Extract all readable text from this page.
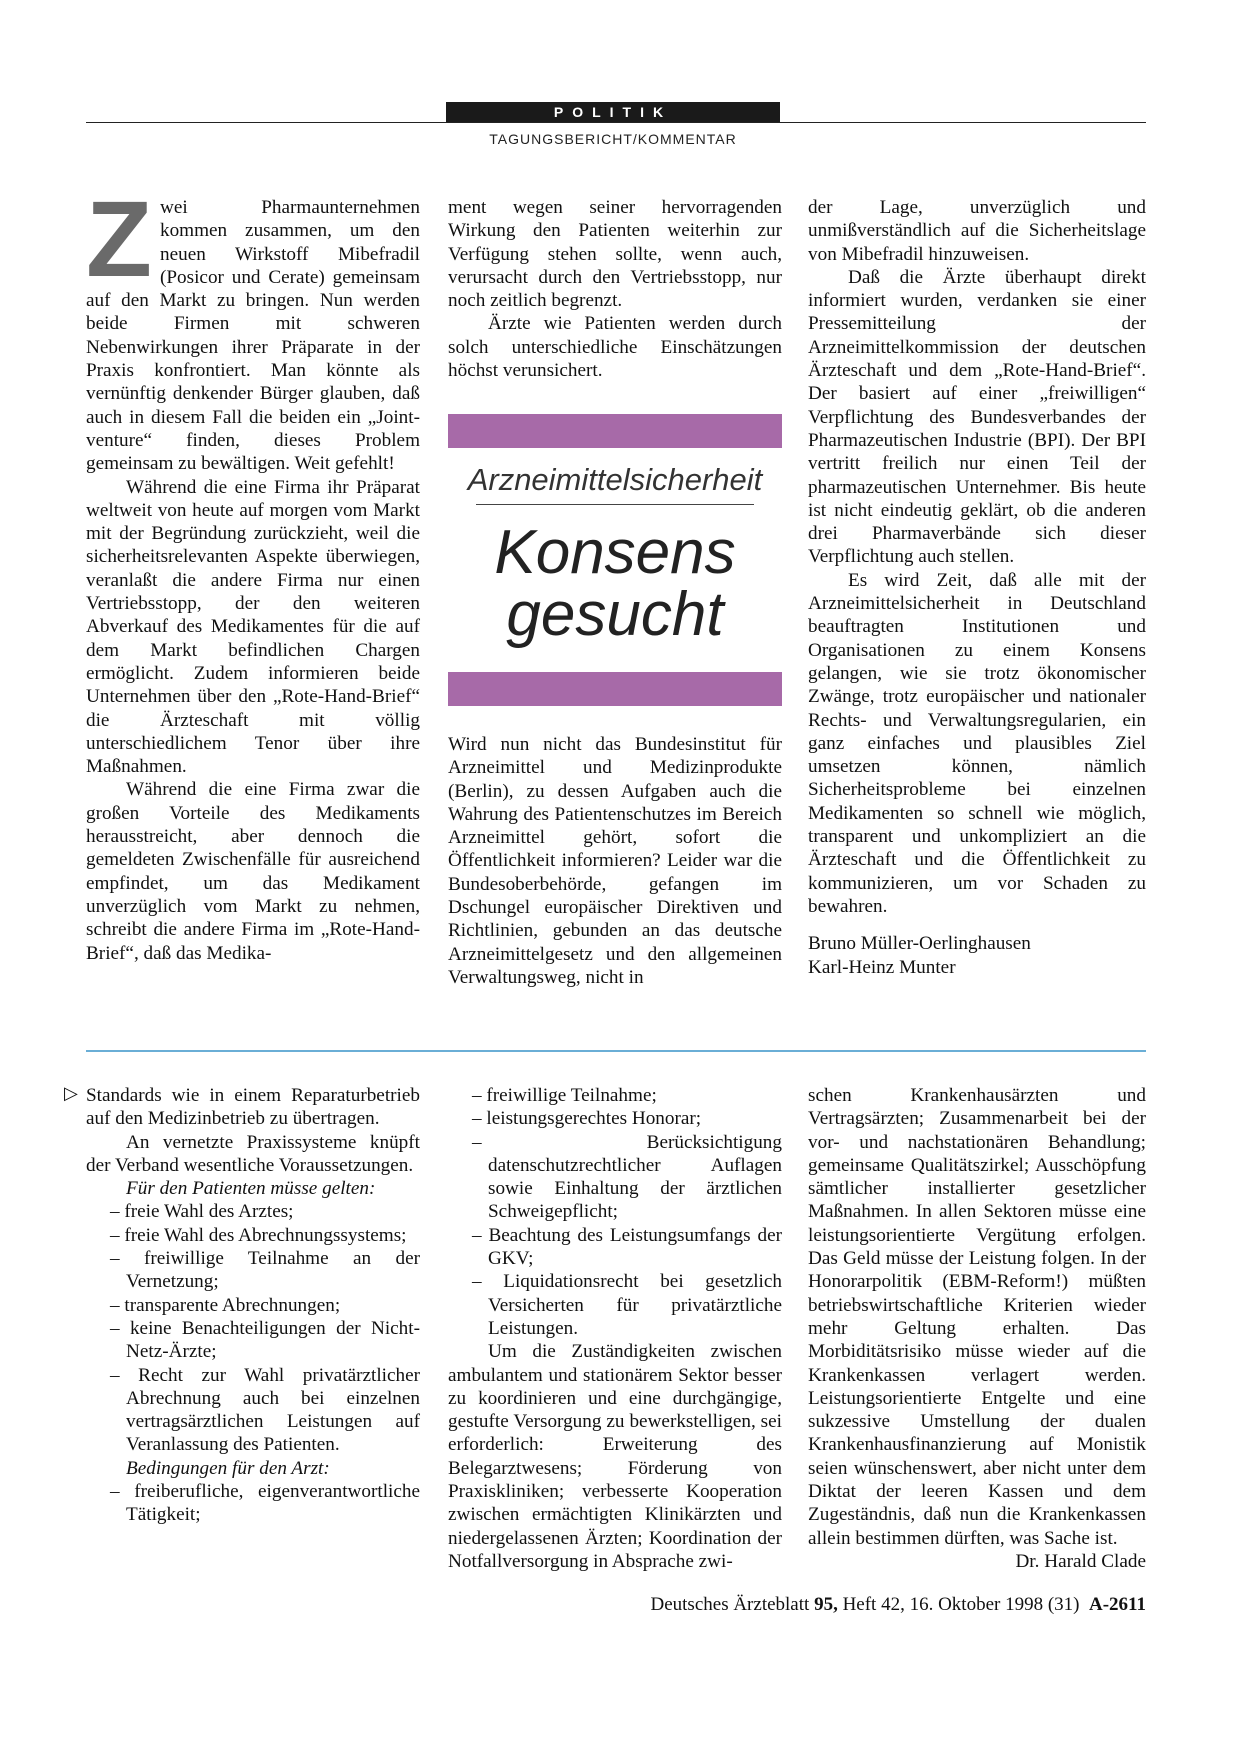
POLITIK
TAGUNGSBERICHT/KOMMENTAR

Zwei Pharmaunternehmen kommen zusammen, um den neuen Wirkstoff Mibefradil (Posicor und Cerate) gemeinsam auf den Markt zu bringen. Nun werden beide Firmen mit schweren Nebenwirkungen ihrer Präparate in der Praxis konfrontiert. Man könnte als vernünftig denkender Bürger glauben, daß auch in diesem Fall die beiden ein „Joint-venture“ finden, dieses Problem gemeinsam zu bewältigen. Weit gefehlt!

Während die eine Firma ihr Präparat weltweit von heute auf morgen vom Markt mit der Begründung zurückzieht, weil die sicherheitsrelevanten Aspekte überwiegen, veranlaßt die andere Firma nur einen Vertriebsstopp, der den weiteren Abverkauf des Medikamentes für die auf dem Markt befindlichen Chargen ermöglicht. Zudem informieren beide Unternehmen über den „Rote-Hand-Brief“ die Ärzteschaft mit völlig unterschiedlichem Tenor über ihre Maßnahmen.

Während die eine Firma zwar die großen Vorteile des Medikaments herausstreicht, aber dennoch die gemeldeten Zwischenfälle für ausreichend empfindet, um das Medikament unverzüglich vom Markt zu nehmen, schreibt die andere Firma im „Rote-Hand-Brief“, daß das Medika-

ment wegen seiner hervorragenden Wirkung den Patienten weiterhin zur Verfügung stehen sollte, wenn auch, verursacht durch den Vertriebsstopp, nur noch zeitlich begrenzt.

Ärzte wie Patienten werden durch solch unterschiedliche Einschätzungen höchst verunsichert.

Arzneimittelsicherheit
Konsens
gesucht

Wird nun nicht das Bundesinstitut für Arzneimittel und Medizinprodukte (Berlin), zu dessen Aufgaben auch die Wahrung des Patientenschutzes im Bereich Arzneimittel gehört, sofort die Öffentlichkeit informieren? Leider war die Bundesoberbehörde, gefangen im Dschungel europäischer Direktiven und Richtlinien, gebunden an das deutsche Arzneimittelgesetz und den allgemeinen Verwaltungsweg, nicht in

der Lage, unverzüglich und unmißverständlich auf die Sicherheitslage von Mibefradil hinzuweisen.

Daß die Ärzte überhaupt direkt informiert wurden, verdanken sie einer Pressemitteilung der Arzneimittelkommission der deutschen Ärzteschaft und dem „Rote-Hand-Brief“. Der basiert auf einer „freiwilligen“ Verpflichtung des Bundesverbandes der Pharmazeutischen Industrie (BPI). Der BPI vertritt freilich nur einen Teil der pharmazeutischen Unternehmer. Bis heute ist nicht eindeutig geklärt, ob die anderen drei Pharmaverbände sich dieser Verpflichtung auch stellen.

Es wird Zeit, daß alle mit der Arzneimittelsicherheit in Deutschland beauftragten Institutionen und Organisationen zu einem Konsens gelangen, wie sie trotz ökonomischer Zwänge, trotz europäischer und nationaler Rechts- und Verwaltungsregularien, ein ganz einfaches und plausibles Ziel umsetzen können, nämlich Sicherheitsprobleme bei einzelnen Medikamenten so schnell wie möglich, transparent und unkompliziert an die Ärzteschaft und die Öffentlichkeit zu kommunizieren, um vor Schaden zu bewahren.

Bruno Müller-Oerlinghausen
Karl-Heinz Munter
▷ Standards wie in einem Reparaturbetrieb auf den Medizinbetrieb zu übertragen.

An vernetzte Praxissysteme knüpft der Verband wesentliche Voraussetzungen.

Für den Patienten müsse gelten:

– freie Wahl des Arztes;
– freie Wahl des Abrechnungssystems;
– freiwillige Teilnahme an der Vernetzung;
– transparente Abrechnungen;
– keine Benachteiligungen der Nicht-Netz-Ärzte;
– Recht zur Wahl privatärztlicher Abrechnung auch bei einzelnen vertragsärztlichen Leistungen auf Veranlassung des Patienten.

Bedingungen für den Arzt:

– freiberufliche, eigenverantwortliche Tätigkeit;
– freiwillige Teilnahme;
– leistungsgerechtes Honorar;
– Berücksichtigung datenschutzrechtlicher Auflagen sowie Einhaltung der ärztlichen Schweigepflicht;
– Beachtung des Leistungsumfangs der GKV;
– Liquidationsrecht bei gesetzlich Versicherten für privatärztliche Leistungen.

Um die Zuständigkeiten zwischen ambulantem und stationärem Sektor besser zu koordinieren und eine durchgängige, gestufte Versorgung zu bewerkstelligen, sei erforderlich: Erweiterung des Belegarztwesens; Förderung von Praxiskliniken; verbesserte Kooperation zwischen ermächtigten Klinikärzten und niedergelassenen Ärzten; Koordination der Notfallversorgung in Absprache zwi-

schen Krankenhausärzten und Vertragsärzten; Zusammenarbeit bei der vor- und nachstationären Behandlung; gemeinsame Qualitätszirkel; Ausschöpfung sämtlicher installierter gesetzlicher Maßnahmen. In allen Sektoren müsse eine leistungsorientierte Vergütung erfolgen. Das Geld müsse der Leistung folgen. In der Honorarpolitik (EBM-Reform!) müßten betriebswirtschaftliche Kriterien wieder mehr Geltung erhalten. Das Morbiditätsrisiko müsse wieder auf die Krankenkassen verlagert werden. Leistungsorientierte Entgelte und eine sukzessive Umstellung der dualen Krankenhausfinanzierung auf Monistik seien wünschenswert, aber nicht unter dem Diktat der leeren Kassen und dem Zugeständnis, daß nun die Krankenkassen allein bestimmen dürften, was Sache ist.
Dr. Harald Clade

Deutsches Ärzteblatt 95, Heft 42, 16. Oktober 1998 (31) A-2611
